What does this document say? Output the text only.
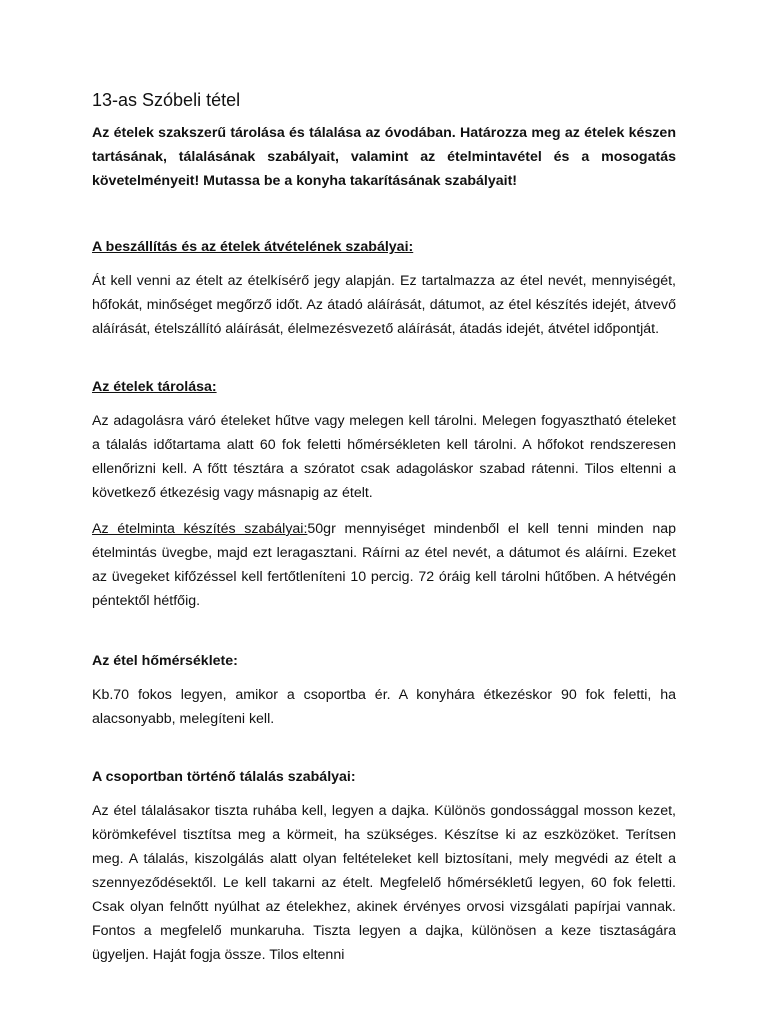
13-as Szóbeli tétel

Az ételek szakszerű tárolása és tálalása az óvodában. Határozza meg az ételek készen tartásának, tálalásának szabályait, valamint az ételmintavétel és a mosogatás követelményeit! Mutassa be a konyha takarításának szabályait!

A beszállítás és az ételek átvételének szabályai:

Át kell venni az ételt az ételkísérő jegy alapján. Ez tartalmazza az étel nevét, mennyiségét, hőfokát, minőséget megőrző időt. Az átadó aláírását, dátumot, az étel készítés idejét, átvevő aláírását, ételszállító aláírását, élelmezésvezető aláírását, átadás idejét, átvétel időpontját.

Az ételek tárolása:

Az adagolásra váró ételeket hűtve vagy melegen kell tárolni. Melegen fogyasztható ételeket a tálalás időtartama alatt 60 fok feletti hőmérsékleten kell tárolni. A hőfokot rendszeresen ellenőrizni kell. A főtt tésztára a szóratot csak adagoláskor szabad rátenni. Tilos eltenni a következő étkezésig vagy másnapig az ételt.

Az ételminta készítés szabályai:50gr mennyiséget mindenből el kell tenni minden nap ételmintás üvegbe, majd ezt leragasztani. Ráírni az étel nevét, a dátumot és aláírni. Ezeket az üvegeket kifőzéssel kell fertőtleníteni 10 percig. 72 óráig kell tárolni hűtőben. A hétvégén péntektől hétfőig.

Az étel hőmérséklete:

Kb.70 fokos legyen, amikor a csoportba ér. A konyhára étkezéskor 90 fok feletti, ha alacsonyabb, melegíteni kell.

A csoportban történő tálalás szabályai:

Az étel tálalásakor tiszta ruhába kell, legyen a dajka. Különös gondossággal mosson kezet, körömkefével tisztítsa meg a körmeit, ha szükséges. Készítse ki az eszközöket. Terítsen meg. A tálalás, kiszolgálás alatt olyan feltételeket kell biztosítani, mely megvédi az ételt a szennyeződésektől. Le kell takarni az ételt. Megfelelő hőmérsékletű legyen, 60 fok feletti. Csak olyan felnőtt nyúlhat az ételekhez, akinek érvényes orvosi vizsgálati papírjai vannak. Fontos a megfelelő munkaruha. Tiszta legyen a dajka, különösen a keze tisztaságára ügyeljen. Haját fogja össze. Tilos eltenni
